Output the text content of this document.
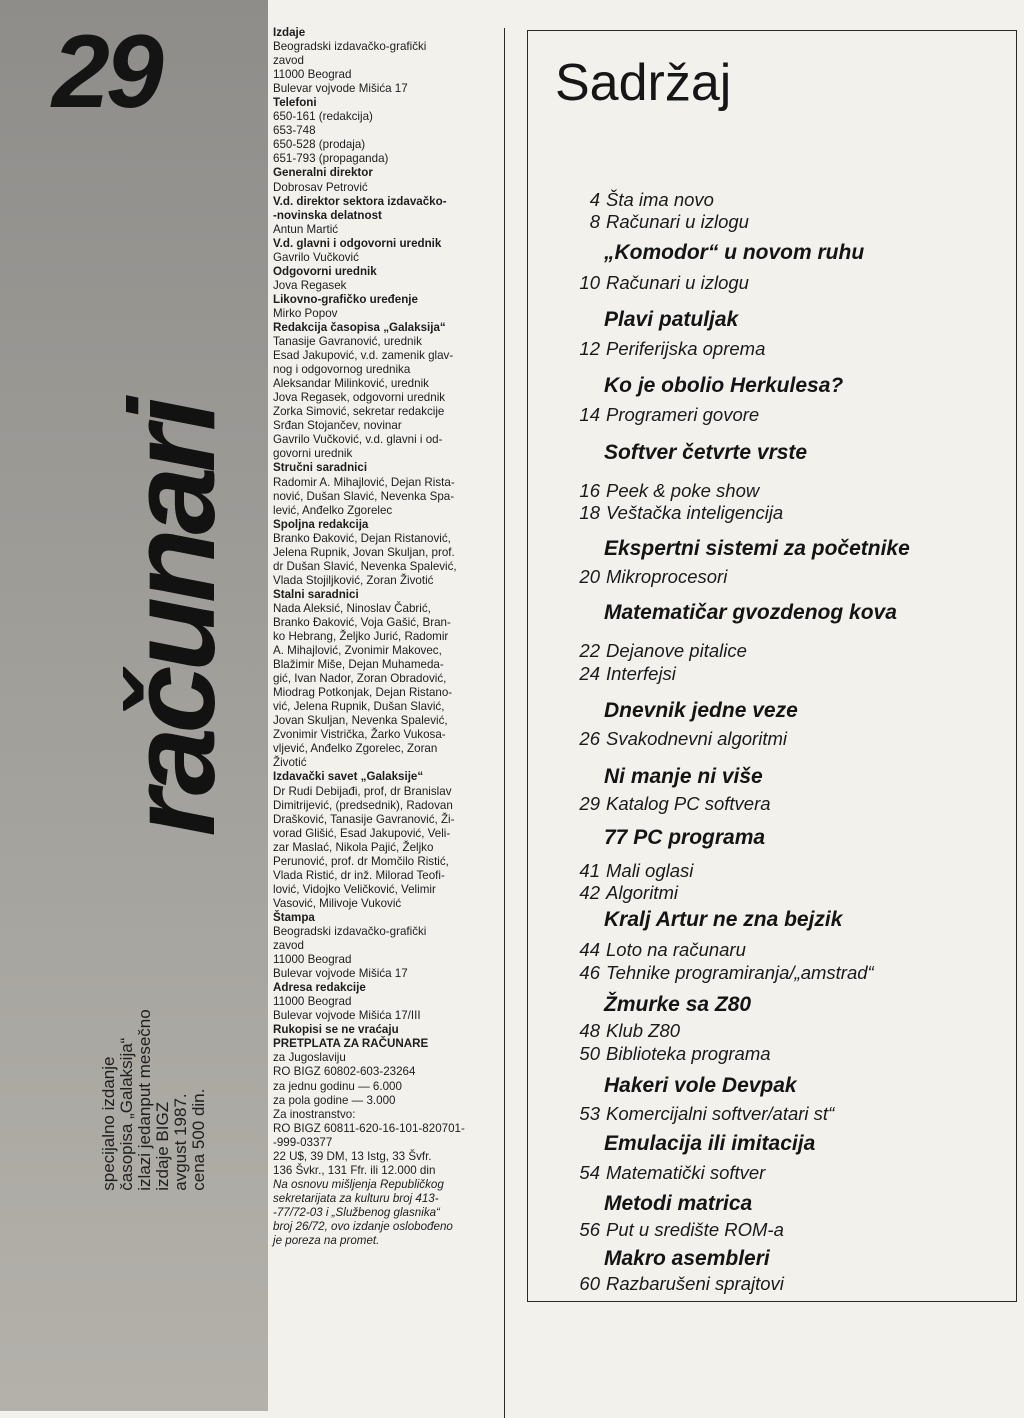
29
računari
specijalno izdanje časopisa „Galaksija“ izlazi jedanput mesečno izdaje BIGZ avgust 1987. cena 500 din.
Izdaje
Beogradski izdavačko-grafički
zavod
11000 Beograd
Bulevar vojvode Mišića 17
Telefoni
650-161 (redakcija)
653-748
650-528 (prodaja)
651-793 (propaganda)
Generalni direktor
Dobrosav Petrović
V.d. direktor sektora izdavačko-
-novinska delatnost
Antun Martić
V.d. glavni i odgovorni urednik
Gavrilo Vučković
Odgovorni urednik
Jova Regasek
Likovno-grafičko uređenje
Mirko Popov
Redakcija časopisa „Galaksija“
Tanasije Gavranović, urednik
Esad Jakupović, v.d. zamenik glav-
nog i odgovornog urednika
Aleksandar Milinković, urednik
Jova Regasek, odgovorni urednik
Zorka Simović, sekretar redakcije
Srđan Stojančev, novinar
Gavrilo Vučković, v.d. glavni i od-
govorni urednik
Stručni saradnici
Radomir A. Mihajlović, Dejan Rista-
nović, Dušan Slavić, Nevenka Spa-
lević, Anđelko Zgorelec
Spoljna redakcija
Branko Đaković, Dejan Ristanović,
Jelena Rupnik, Jovan Skuljan, prof.
dr Dušan Slavić, Nevenka Spalević,
Vlada Stojiljković, Zoran Životić
Stalni saradnici
Nada Aleksić, Ninoslav Čabrić,
Branko Đaković, Voja Gašić, Bran-
ko Hebrang, Željko Jurić, Radomir
A. Mihajlović, Zvonimir Makovec,
Blažimir Miše, Dejan Muhameda-
gić, Ivan Nador, Zoran Obradović,
Miodrag Potkonjak, Dejan Ristano-
vić, Jelena Rupnik, Dušan Slavić,
Jovan Skuljan, Nevenka Spalević,
Zvonimir Vistrička, Žarko Vukosa-
vljević, Anđelko Zgorelec, Zoran
Životić
Izdavački savet „Galaksije“
Dr Rudi Debijađi, prof, dr Branislav
Dimitrijević, (predsednik), Radovan
Drašković, Tanasije Gavranović, Ži-
vorad Glišić, Esad Jakupović, Veli-
zar Maslać, Nikola Pajić, Željko
Perunović, prof. dr Momčilo Ristić,
Vlada Ristić, dr inž. Milorad Teofi-
lović, Vidojko Veličković, Velimir
Vasović, Milivoje Vuković
Štampa
Beogradski izdavačko-grafički
zavod
11000 Beograd
Bulevar vojvode Mišića 17
Adresa redakcije
11000 Beograd
Bulevar vojvode Mišića 17/III
Rukopisi se ne vraćaju
PRETPLATA ZA RAČUNARE
za Jugoslaviju
RO BIGZ 60802-603-23264
za jednu godinu — 6.000
za pola godine — 3.000
Za inostranstvo:
RO BIGZ 60811-620-16-101-820701-
-999-03377
22 U$, 39 DM, 13 Istg, 33 Švfr.
136 Švkr., 131 Ffr. ili 12.000 din
Na osnovu mišljenja Republičkog
sekretarijata za kulturu broj 413-
-77/72-03 i „Službenog glasnika“
broj 26/72, ovo izdanje oslobođeno
je poreza na promet.
Sadržaj
4 Šta ima novo
8 Računari u izlogu
„Komodor“ u novom ruhu
10 Računari u izlogu
Plavi patuljak
12 Periferijska oprema
Ko je obolio Herkulesa?
14 Programeri govore
Softver četvrte vrste
16 Peek & poke show
18 Veštačka inteligencija
Ekspertni sistemi za početnike
20 Mikroprocesori
Matematičar gvozdenog kova
22 Dejanove pitalice
24 Interfejsi
Dnevnik jedne veze
26 Svakodnevni algoritmi
Ni manje ni više
29 Katalog PC softvera
77 PC programa
41 Mali oglasi
42 Algoritmi
Kralj Artur ne zna bejzik
44 Loto na računaru
46 Tehnike programiranja/„amstrad“
Žmurke sa Z80
48 Klub Z80
50 Biblioteka programa
Hakeri vole Devpak
53 Komercijalni softver/atari st“
Emulacija ili imitacija
54 Matematički softver
Metodi matrica
56 Put u središte ROM-a
Makro asembleri
60 Razbarušeni sprajtovi
